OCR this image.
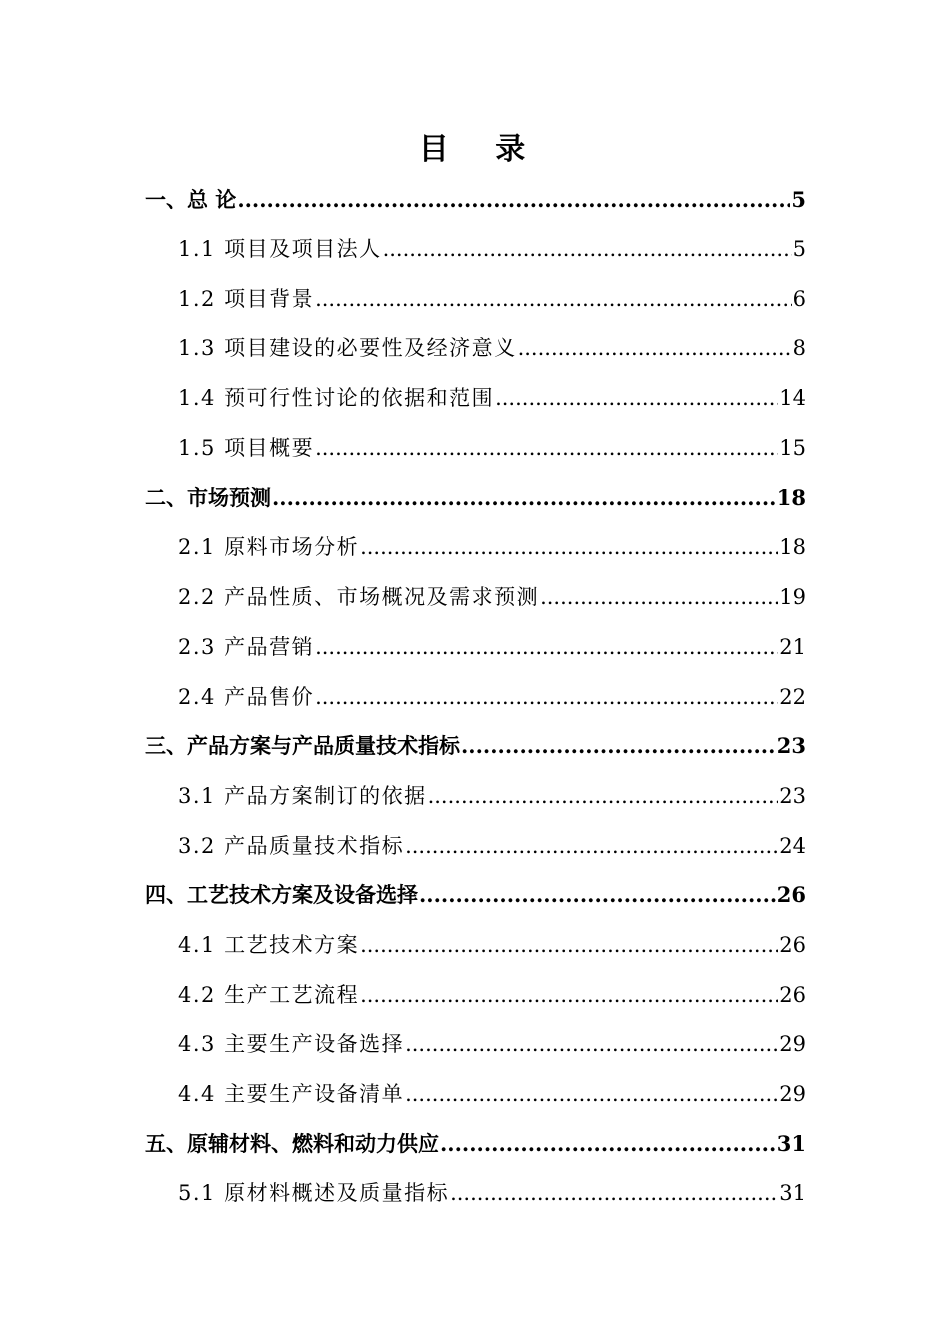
目 录
一、总 论 .....	5
1.1 项目及项目法人 .....	5
1.2 项目背景 .....	6
1.3 项目建设的必要性及经济意义 .....	8
1.4 预可行性讨论的依据和范围 .....	14
1.5 项目概要 .....	15
二、市场预测 .....	18
2.1 原料市场分析 .....	18
2.2 产品性质、市场概况及需求预测 .....	19
2.3 产品营销 .....	21
2.4 产品售价 .....	22
三、产品方案与产品质量技术指标 .....	23
3.1 产品方案制订的依据 .....	23
3.2 产品质量技术指标 .....	24
四、工艺技术方案及设备选择 .....	26
4.1 工艺技术方案 .....	26
4.2 生产工艺流程 .....	26
4.3 主要生产设备选择 .....	29
4.4 主要生产设备清单 .....	29
五、原辅材料、燃料和动力供应 .....	31
5.1 原材料概述及质量指标 .....	31
